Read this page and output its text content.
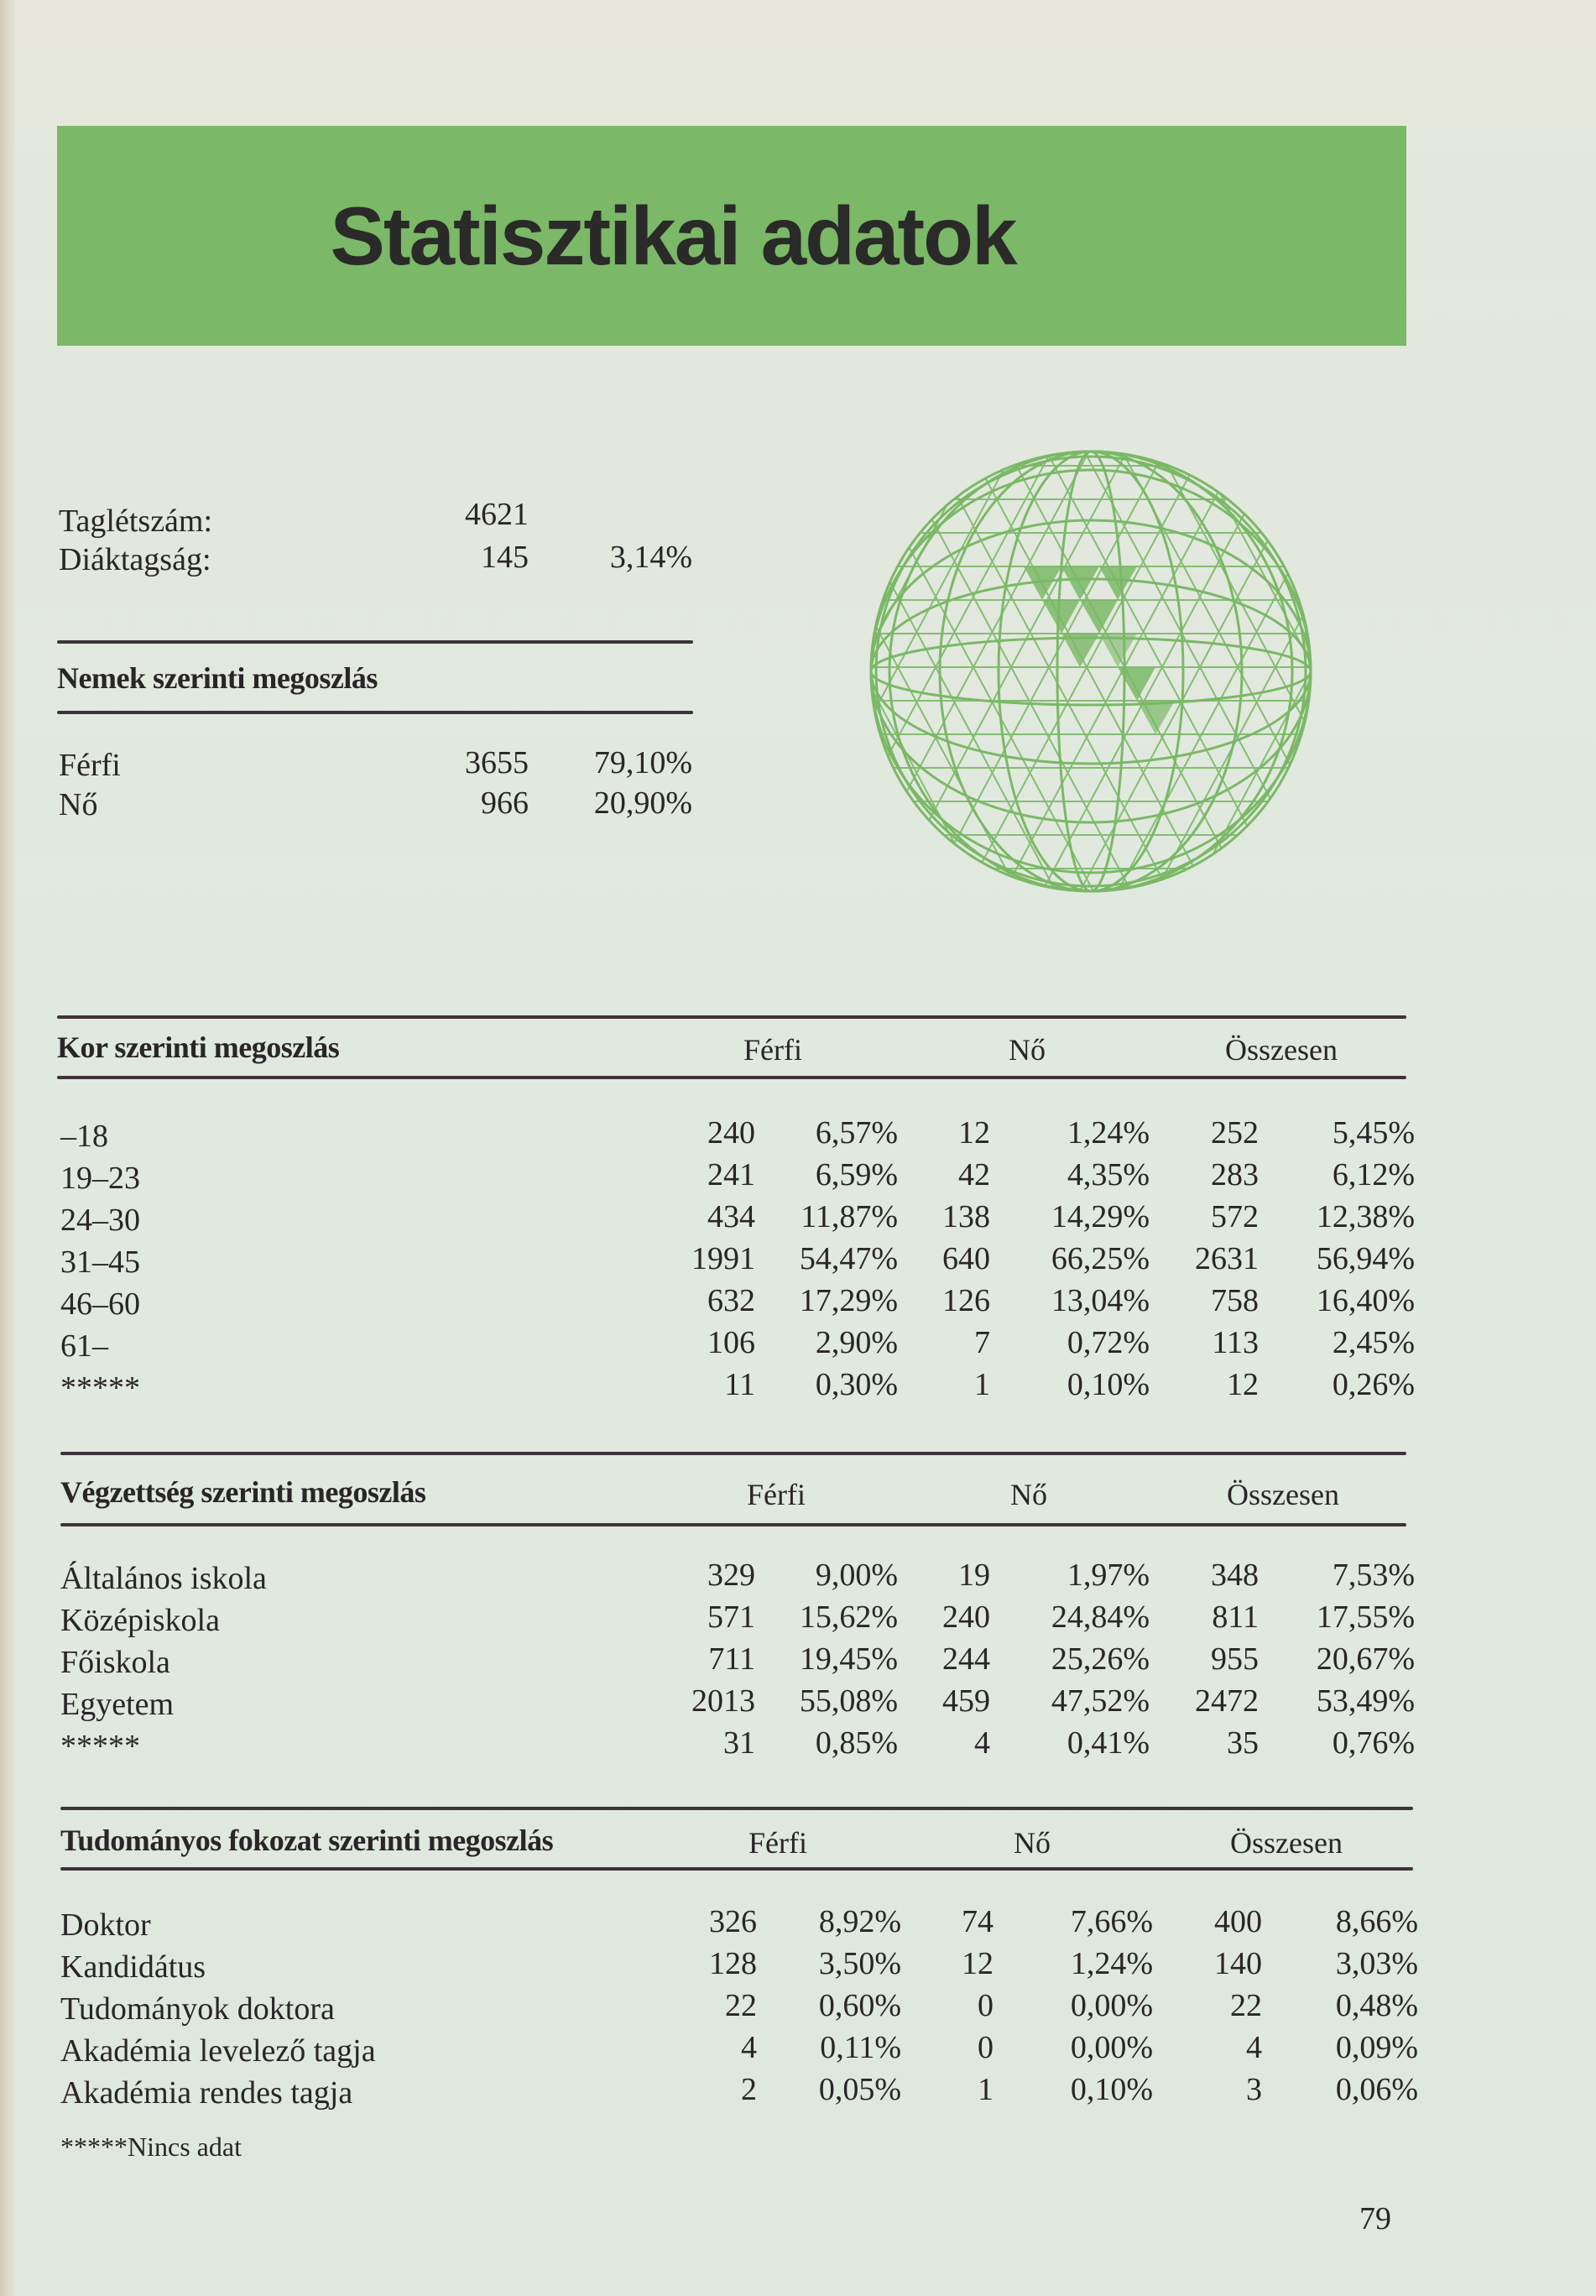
Statisztikai adatok
Taglétszám:	4621
Diáktagság:	145	3,14%
Nemek szerinti megoszlás
Férfi	3655	79,10%
Nő	966	20,90%
Kor szerinti megoszlás	Férfi	Nő	Összesen
–18	240	6,57%	12	1,24%	252	5,45%
19–23	241	6,59%	42	4,35%	283	6,12%
24–30	434	11,87%	138	14,29%	572	12,38%
31–45	1991	54,47%	640	66,25%	2631	56,94%
46–60	632	17,29%	126	13,04%	758	16,40%
61–	106	2,90%	7	0,72%	113	2,45%
*****	11	0,30%	1	0,10%	12	0,26%
Végzettség szerinti megoszlás	Férfi	Nő	Összesen
Általános iskola	329	9,00%	19	1,97%	348	7,53%
Középiskola	571	15,62%	240	24,84%	811	17,55%
Főiskola	711	19,45%	244	25,26%	955	20,67%
Egyetem	2013	55,08%	459	47,52%	2472	53,49%
*****	31	0,85%	4	0,41%	35	0,76%
Tudományos fokozat szerinti megoszlás	Férfi	Nő	Összesen
Doktor	326	8,92%	74	7,66%	400	8,66%
Kandidátus	128	3,50%	12	1,24%	140	3,03%
Tudományok doktora	22	0,60%	0	0,00%	22	0,48%
Akadémia levelező tagja	4	0,11%	0	0,00%	4	0,09%
Akadémia rendes tagja	2	0,05%	1	0,10%	3	0,06%
*****Nincs adat
79
